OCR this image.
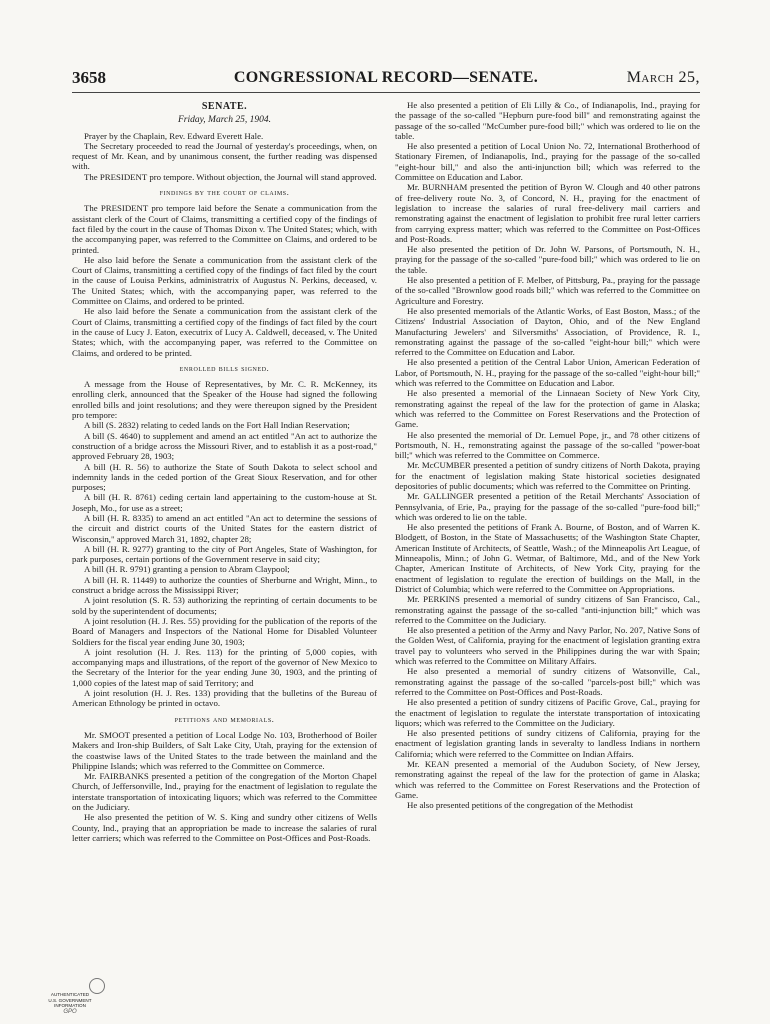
3658	CONGRESSIONAL RECORD—SENATE.	March 25,
SENATE.
Friday, March 25, 1904.

Prayer by the Chaplain, Rev. Edward Everett Hale.

The Secretary proceeded to read the Journal of yesterday's proceedings, when, on request of Mr. Kean, and by unanimous consent, the further reading was dispensed with.

The PRESIDENT pro tempore. Without objection, the Journal will stand approved.

findings by the court of claims.

The PRESIDENT pro tempore laid before the Senate a communication from the assistant clerk of the Court of Claims, transmitting a certified copy of the findings of fact filed by the court in the cause of Thomas Dixon v. The United States; which, with the accompanying paper, was referred to the Committee on Claims, and ordered to be printed.

He also laid before the Senate a communication from the assistant clerk of the Court of Claims, transmitting a certified copy of the findings of fact filed by the court in the cause of Louisa Perkins, administratrix of Augustus N. Perkins, deceased, v. The United States; which, with the accompanying paper, was referred to the Committee on Claims, and ordered to be printed.

He also laid before the Senate a communication from the assistant clerk of the Court of Claims, transmitting a certified copy of the findings of fact filed by the court in the cause of Lucy J. Eaton, executrix of Lucy A. Caldwell, deceased, v. The United States; which, with the accompanying paper, was referred to the Committee on Claims, and ordered to be printed.

enrolled bills signed.

A message from the House of Representatives, by Mr. C. R. McKenney, its enrolling clerk, announced that the Speaker of the House had signed the following enrolled bills and joint resolutions; and they were thereupon signed by the President pro tempore:

A bill (S. 2832) relating to ceded lands on the Fort Hall Indian Reservation;

A bill (S. 4640) to supplement and amend an act entitled "An act to authorize the construction of a bridge across the Missouri River, and to establish it as a post-road," approved February 28, 1903;

A bill (H. R. 56) to authorize the State of South Dakota to select school and indemnity lands in the ceded portion of the Great Sioux Reservation, and for other purposes;

A bill (H. R. 8761) ceding certain land appertaining to the custom-house at St. Joseph, Mo., for use as a street;

A bill (H. R. 8335) to amend an act entitled "An act to determine the sessions of the circuit and district courts of the United States for the eastern district of Wisconsin," approved March 31, 1892, chapter 28;

A bill (H. R. 9277) granting to the city of Port Angeles, State of Washington, for park purposes, certain portions of the Government reserve in said city;

A bill (H. R. 9791) granting a pension to Abram Claypool;

A bill (H. R. 11449) to authorize the counties of Sherburne and Wright, Minn., to construct a bridge across the Mississippi River;

A joint resolution (S. R. 53) authorizing the reprinting of certain documents to be sold by the superintendent of documents;

A joint resolution (H. J. Res. 55) providing for the publication of the reports of the Board of Managers and Inspectors of the National Home for Disabled Volunteer Soldiers for the fiscal year ending June 30, 1903;

A joint resolution (H. J. Res. 113) for the printing of 5,000 copies, with accompanying maps and illustrations, of the report of the governor of New Mexico to the Secretary of the Interior for the year ending June 30, 1903, and the printing of 1,000 copies of the latest map of said Territory; and

A joint resolution (H. J. Res. 133) providing that the bulletins of the Bureau of American Ethnology be printed in octavo.

petitions and memorials.

Mr. SMOOT presented a petition of Local Lodge No. 103, Brotherhood of Boiler Makers and Iron-ship Builders, of Salt Lake City, Utah, praying for the extension of the coastwise laws of the United States to the trade between the mainland and the Philippine Islands; which was referred to the Committee on Commerce.

Mr. FAIRBANKS presented a petition of the congregation of the Morton Chapel Church, of Jeffersonville, Ind., praying for the enactment of legislation to regulate the interstate transportation of intoxicating liquors; which was referred to the Committee on the Judiciary.

He also presented the petition of W. S. King and sundry other citizens of Wells County, Ind., praying that an appropriation be made to increase the salaries of rural letter carriers; which was referred to the Committee on Post-Offices and Post-Roads.

He also presented a petition of Eli Lilly & Co., of Indianapolis, Ind., praying for the passage of the so-called "Hepburn pure-food bill" and remonstrating against the passage of the so-called "McCumber pure-food bill;" which was ordered to lie on the table.

He also presented a petition of Local Union No. 72, International Brotherhood of Stationary Firemen, of Indianapolis, Ind., praying for the passage of the so-called "eight-hour bill," and also the anti-injunction bill; which was referred to the Committee on Education and Labor.

Mr. BURNHAM presented the petition of Byron W. Clough and 40 other patrons of free-delivery route No. 3, of Concord, N. H., praying for the enactment of legislation to increase the salaries of rural free-delivery mail carriers and remonstrating against the enactment of legislation to prohibit free rural letter carriers from carrying express matter; which was referred to the Committee on Post-Offices and Post-Roads.

He also presented the petition of Dr. John W. Parsons, of Portsmouth, N. H., praying for the passage of the so-called "pure-food bill;" which was ordered to lie on the table.

He also presented a petition of F. Melber, of Pittsburg, Pa., praying for the passage of the so-called "Brownlow good roads bill;" which was referred to the Committee on Agriculture and Forestry.

He also presented memorials of the Atlantic Works, of East Boston, Mass.; of the Citizens' Industrial Association of Dayton, Ohio, and of the New England Manufacturing Jewelers' and Silversmiths' Association, of Providence, R. I., remonstrating against the passage of the so-called "eight-hour bill;" which were referred to the Committee on Education and Labor.

He also presented a petition of the Central Labor Union, American Federation of Labor, of Portsmouth, N. H., praying for the passage of the so-called "eight-hour bill;" which was referred to the Committee on Education and Labor.

He also presented a memorial of the Linnaean Society of New York City, remonstrating against the repeal of the law for the protection of game in Alaska; which was referred to the Committee on Forest Reservations and the Protection of Game.

He also presented the memorial of Dr. Lemuel Pope, jr., and 78 other citizens of Portsmouth, N. H., remonstrating against the passage of the so-called "power-boat bill;" which was referred to the Committee on Commerce.

Mr. McCUMBER presented a petition of sundry citizens of North Dakota, praying for the enactment of legislation making State historical societies designated depositories of public documents; which was referred to the Committee on Printing.

Mr. GALLINGER presented a petition of the Retail Merchants' Association of Pennsylvania, of Erie, Pa., praying for the passage of the so-called "pure-food bill;" which was ordered to lie on the table.

He also presented the petitions of Frank A. Bourne, of Boston, and of Warren K. Blodgett, of Boston, in the State of Massachusetts; of the Washington State Chapter, American Institute of Architects, of Seattle, Wash.; of the Minneapolis Art League, of Minneapolis, Minn.; of John G. Wetmar, of Baltimore, Md., and of the New York Chapter, American Institute of Architects, of New York City, praying for the enactment of legislation to regulate the erection of buildings on the Mall, in the District of Columbia; which were referred to the Committee on Appropriations.

Mr. PERKINS presented a memorial of sundry citizens of San Francisco, Cal., remonstrating against the passage of the so-called "anti-injunction bill;" which was referred to the Committee on the Judiciary.

He also presented a petition of the Army and Navy Parlor, No. 207, Native Sons of the Golden West, of California, praying for the enactment of legislation granting extra travel pay to volunteers who served in the Philippines during the war with Spain; which was referred to the Committee on Military Affairs.

He also presented a memorial of sundry citizens of Watsonville, Cal., remonstrating against the passage of the so-called "parcels-post bill;" which was referred to the Committee on Post-Offices and Post-Roads.

He also presented a petition of sundry citizens of Pacific Grove, Cal., praying for the enactment of legislation to regulate the interstate transportation of intoxicating liquors; which was referred to the Committee on the Judiciary.

He also presented petitions of sundry citizens of California, praying for the enactment of legislation granting lands in severalty to landless Indians in northern California; which were referred to the Committee on Indian Affairs.

Mr. KEAN presented a memorial of the Audubon Society, of New Jersey, remonstrating against the repeal of the law for the protection of game in Alaska; which was referred to the Committee on Forest Reservations and the Protection of Game.

He also presented petitions of the congregation of the Methodist

AUTHENTICATED
U.S. GOVERNMENT
INFORMATION
GPO
